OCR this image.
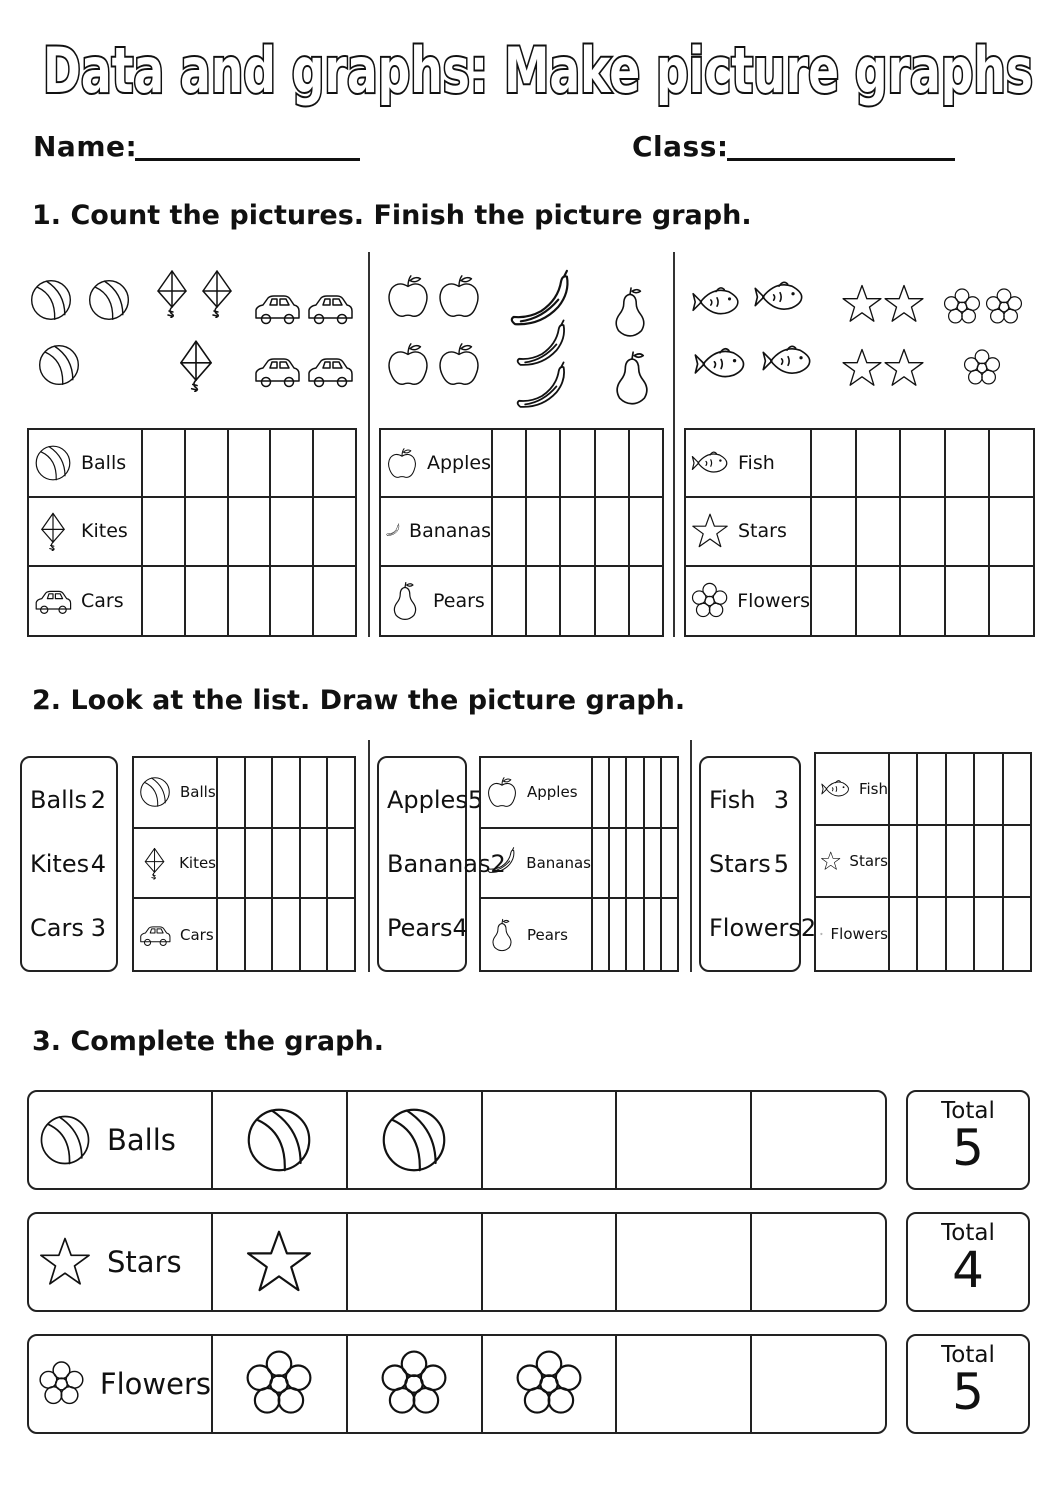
Data and graphs: Make picture graphs
Name:	Class:
1. Count the pictures. Finish the picture graph.
Balls
Kites
Cars
Apples
Bananas
Pears
Fish
Stars
Flowers
2. Look at the list. Draw the picture graph.
Balls 2
Kites 4
Cars 3
Apples 5
Bananas 2
Pears 4
Fish 3
Stars 5
Flowers 2
Balls
Kites
Cars
Apples
Bananas
Pears
Fish
Stars
Flowers
3. Complete the graph.
Balls
Stars
Flowers
Total
5
Total
4
Total
5
